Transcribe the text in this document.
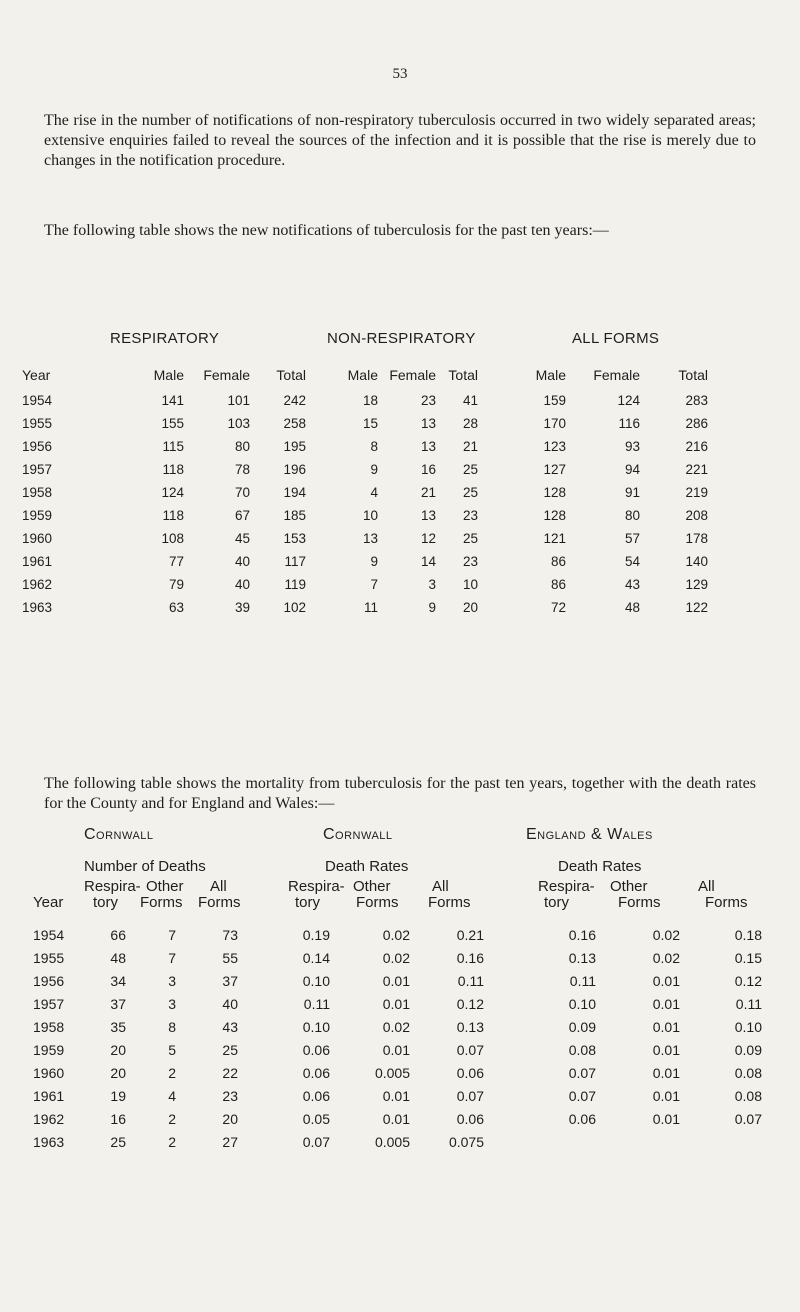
53

The rise in the number of notifications of non-respiratory tuberculosis occurred in two widely separated areas; extensive enquiries failed to reveal the sources of the infection and it is possible that the rise is merely due to changes in the notification procedure.

The following table shows the new notifications of tuberculosis for the past ten years:—

RESPIRATORY	NON-RESPIRATORY	ALL FORMS
Year	Male	Female	Total	Male	Female	Total	Male	Female	Total
1954	141	101	242	18	23	41	159	124	283
1955	155	103	258	15	13	28	170	116	286
1956	115	80	195	8	13	21	123	93	216
1957	118	78	196	9	16	25	127	94	221
1958	124	70	194	4	21	25	128	91	219
1959	118	67	185	10	13	23	128	80	208
1960	108	45	153	13	12	25	121	57	178
1961	77	40	117	9	14	23	86	54	140
1962	79	40	119	7	3	10	86	43	129
1963	63	39	102	11	9	20	72	48	122

The following table shows the mortality from tuberculosis for the past ten years, together with the death rates for the County and for England and Wales:—

Cornwall	Cornwall	England & Wales
Number of Deaths	Death Rates	Death Rates
Respira- Other All	Respira- Other	All	Respira- Other	All
Year tory Forms Forms	tory Forms Forms	tory	Forms	Forms
1954	66	7	73	0.19	0.02	0.21	0.16	0.02	0.18
1955	48	7	55	0.14	0.02	0.16	0.13	0.02	0.15
1956	34	3	37	0.10	0.01	0.11	0.11	0.01	0.12
1957	37	3	40	0.11	0.01	0.12	0.10	0.01	0.11
1958	35	8	43	0.10	0.02	0.13	0.09	0.01	0.10
1959	20	5	25	0.06	0.01	0.07	0.08	0.01	0.09
1960	20	2	22	0.06	0.005	0.06	0.07	0.01	0.08
1961	19	4	23	0.06	0.01	0.07	0.07	0.01	0.08
1962	16	2	20	0.05	0.01	0.06	0.06	0.01	0.07
1963	25	2	27	0.07	0.005	0.075			
